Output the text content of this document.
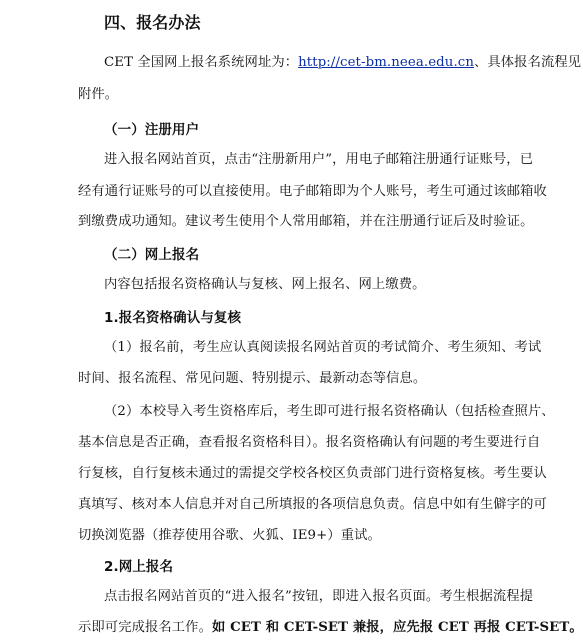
四、报名办法
CET 全国网上报名系统网址为：http://cet-bm.neea.edu.cn、具体报名流程见
附件。
（一）注册用户
进入报名网站首页，点击“注册新用户”，用电子邮箱注册通行证账号，已
经有通行证账号的可以直接使用。电子邮箱即为个人账号，考生可通过该邮箱收
到缴费成功通知。建议考生使用个人常用邮箱，并在注册通行证后及时验证。
（二）网上报名
内容包括报名资格确认与复核、网上报名、网上缴费。
1.报名资格确认与复核
（1）报名前，考生应认真阅读报名网站首页的考试简介、考生须知、考试
时间、报名流程、常见问题、特别提示、最新动态等信息。
（2）本校导入考生资格库后，考生即可进行报名资格确认（包括检查照片、
基本信息是否正确，查看报名资格科目）。报名资格确认有问题的考生要进行自
行复核，自行复核未通过的需提交学校各校区负责部门进行资格复核。考生要认
真填写、核对本人信息并对自己所填报的各项信息负责。信息中如有生僻字的可
切换浏览器（推荐使用谷歌、火狐、IE9+）重试。
2.网上报名
点击报名网站首页的“进入报名”按钮，即进入报名页面。考生根据流程提
示即可完成报名工作。如 CET 和 CET-SET 兼报，应先报 CET 再报 CET-SET。
